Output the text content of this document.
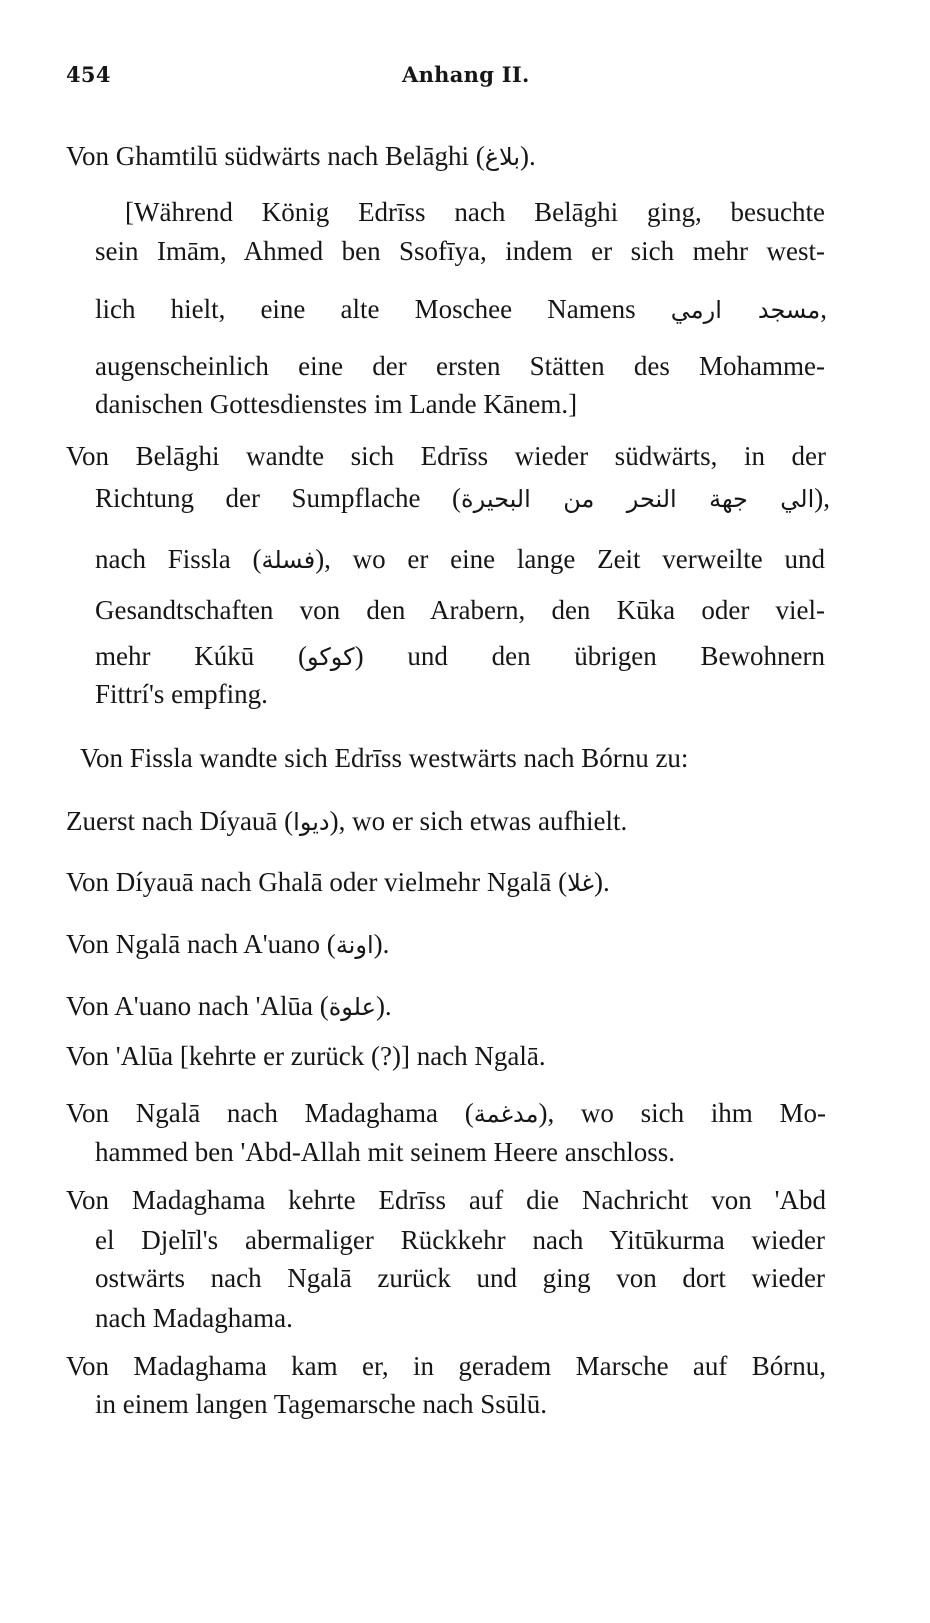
454	Anhang II.
Von Ghamtilū südwärts nach Belāghi (بلاغ).
[Während König Edrīss nach Belāghi ging, besuchte
sein Imām, Ahmed ben Ssofīya, indem er sich mehr west-
lich hielt, eine alte Moschee Namens مسجد ارمي,
augenscheinlich eine der ersten Stätten des Mohamme-
danischen Gottesdienstes im Lande Kānem.]
Von Belāghi wandte sich Edrīss wieder südwärts, in der
Richtung der Sumpflache (الي جهة النحر من البحيرة),
nach Fissla (فسلة), wo er eine lange Zeit verweilte und
Gesandtschaften von den Arabern, den Kūka oder viel-
mehr Kúkū (كوكو) und den übrigen Bewohnern
Fittrí's empfing.
Von Fissla wandte sich Edrīss westwärts nach Bórnu zu:
Zuerst nach Díyauā (ديوا), wo er sich etwas aufhielt.
Von Díyauā nach Ghalā oder vielmehr Ngalā (غلا).
Von Ngalā nach A'uano (اونة).
Von A'uano nach 'Alūa (علوة).
Von 'Alūa [kehrte er zurück (?)] nach Ngalā.
Von Ngalā nach Madaghama (مدغمة), wo sich ihm Mo-
hammed ben 'Abd-Allah mit seinem Heere anschloss.
Von Madaghama kehrte Edrīss auf die Nachricht von 'Abd
el Djelīl's abermaliger Rückkehr nach Yitūkurma wieder
ostwärts nach Ngalā zurück und ging von dort wieder
nach Madaghama.
Von Madaghama kam er, in geradem Marsche auf Bórnu,
in einem langen Tagemarsche nach Ssūlū.
